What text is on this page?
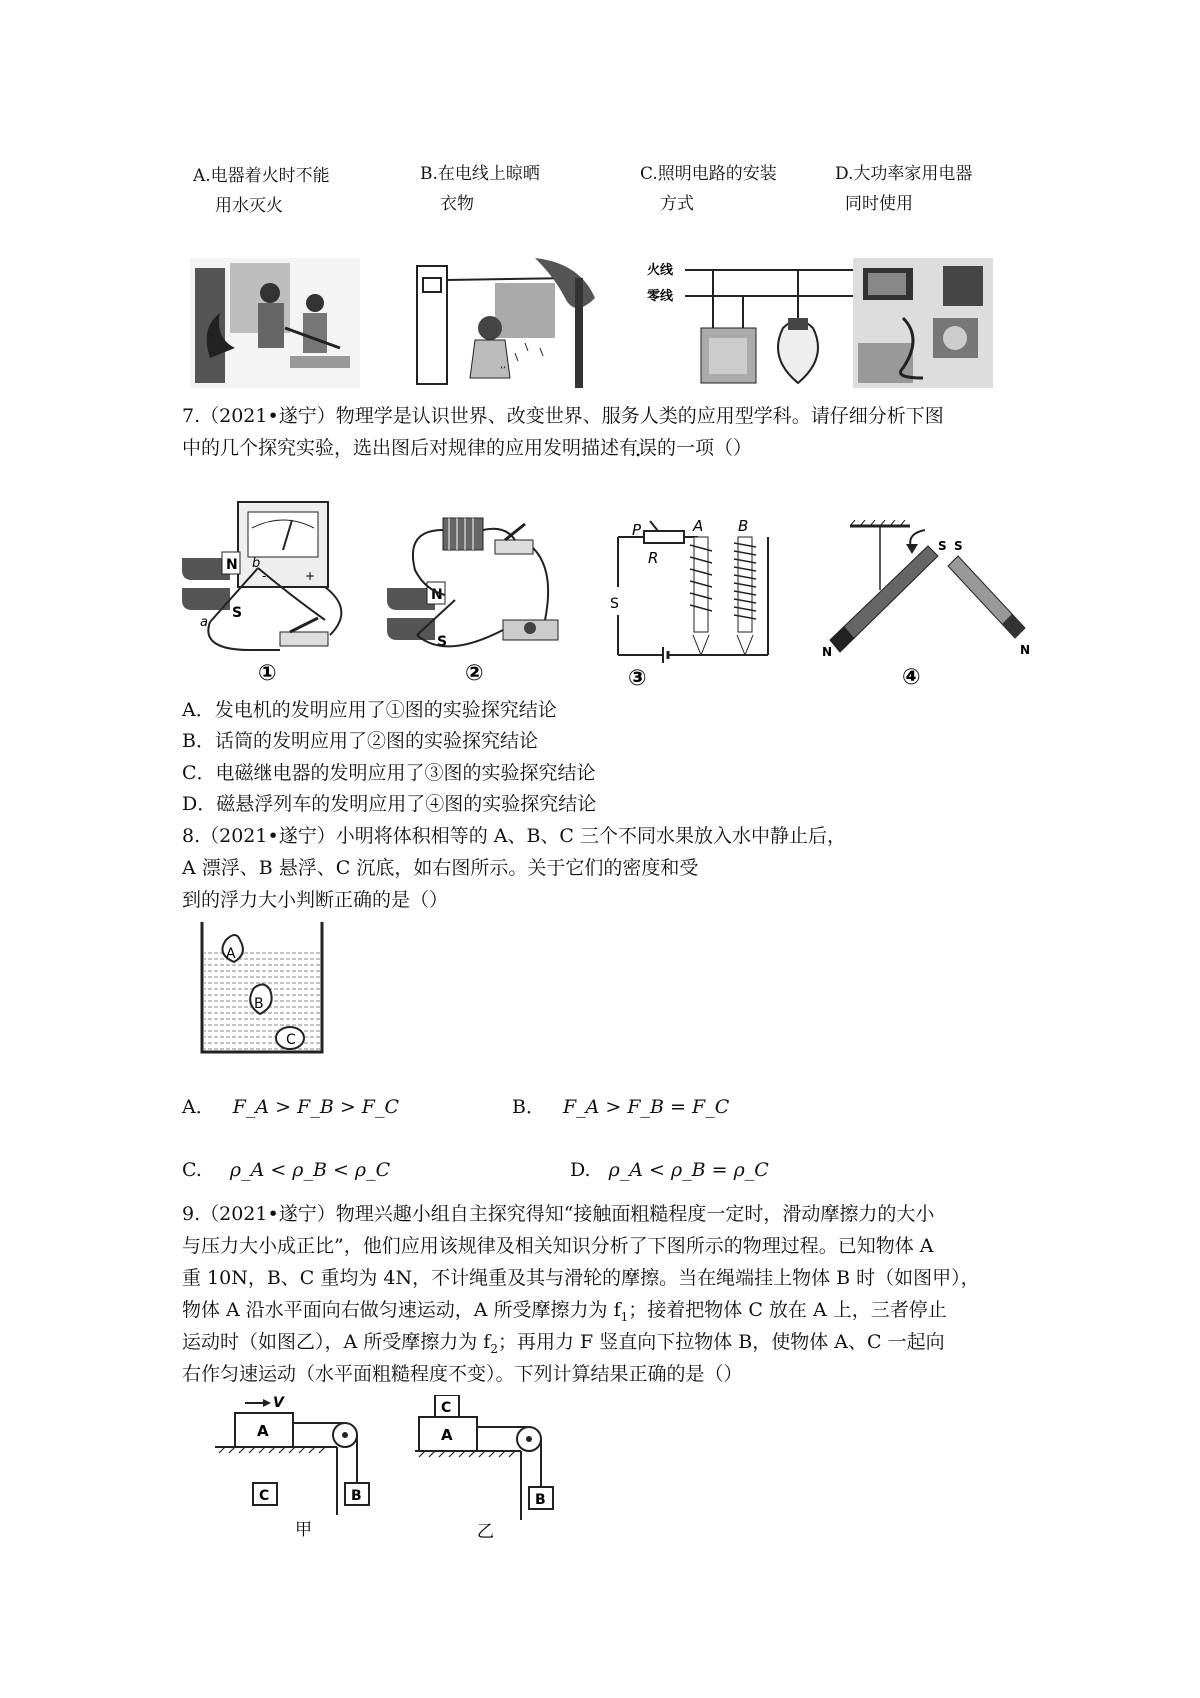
A.电器着火时不能
用水灭火
B.在电线上晾晒
衣物
C.照明电路的安装
方式
D.大功率家用电器
同时使用
ʼʼ
火线
零线
7.（2021•遂宁）物理学是认识世界、改变世界、服务人类的应用型学科。请仔细分析下图
中的几个探究实验，选出图后对规律的应用发明描述有误的一项（）
-	+
N
S
b
a
①
N
S
②
P
R
S
A B
③
S S
N	N
④
A．发电机的发明应用了①图的实验探究结论
B．话筒的发明应用了②图的实验探究结论
C．电磁继电器的发明应用了③图的实验探究结论
D．磁悬浮列车的发明应用了④图的实验探究结论
8.（2021•遂宁）小明将体积相等的 A、B、C 三个不同水果放入水中静止后，
A 漂浮、B 悬浮、C 沉底，如右图所示。关于它们的密度和受
到的浮力大小判断正确的是（）
A
B
C
A． F_A > F_B > F_C	B． F_A > F_B = F_C
C. ρ_A < ρ_B < ρ_C	D. ρ_A < ρ_B = ρ_C
9.（2021•遂宁）物理兴趣小组自主探究得知“接触面粗糙程度一定时，滑动摩擦力的大小
与压力大小成正比”，他们应用该规律及相关知识分析了下图所示的物理过程。已知物体 A
重 10N，B、C 重均为 4N，不计绳重及其与滑轮的摩擦。当在绳端挂上物体 B 时（如图甲），
物体 A 沿水平面向右做匀速运动，A 所受摩擦力为 $f_1$；接着把物体 C 放在 A 上，三者停止
运动时（如图乙），A 所受摩擦力为 $f_2$；再用力 F 竖直向下拉物体 B，使物体 A、C 一起向
右作匀速运动（水平面粗糙程度不变）。下列计算结果正确的是（）
V
A
B
C
甲
C
A
B
乙
